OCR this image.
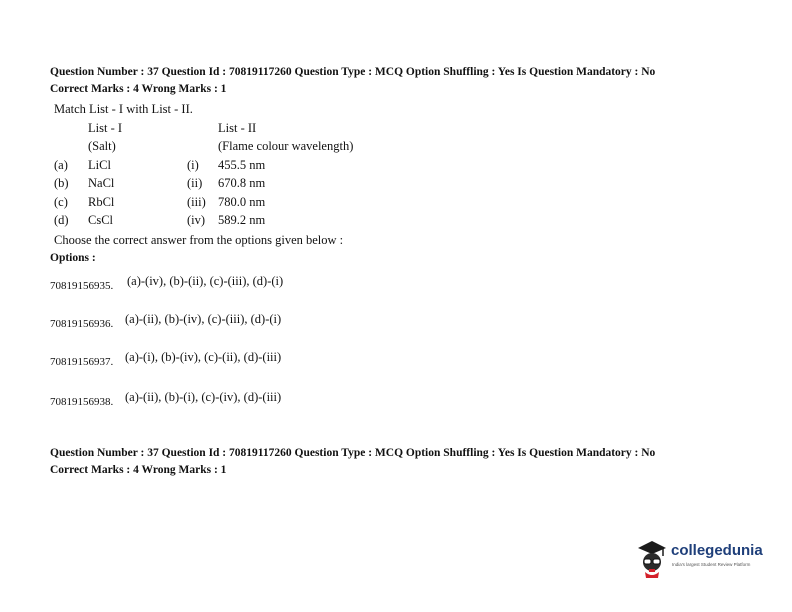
Question Number : 37 Question Id : 70819117260 Question Type : MCQ Option Shuffling : Yes Is Question Mandatory : No
Correct Marks : 4 Wrong Marks : 1
Match List - I with List - II.
List - I	List - II
(Salt)	(Flame colour wavelength)
(a) LiCl	(i) 455.5 nm
(b) NaCl	(ii) 670.8 nm
(c) RbCl	(iii) 780.0 nm
(d) CsCl	(iv) 589.2 nm
Choose the correct answer from the options given below :
Options :
70819156935. (a)-(iv), (b)-(ii), (c)-(iii), (d)-(i)
70819156936. (a)-(ii), (b)-(iv), (c)-(iii), (d)-(i)
70819156937. (a)-(i), (b)-(iv), (c)-(ii), (d)-(iii)
70819156938. (a)-(ii), (b)-(i), (c)-(iv), (d)-(iii)
Question Number : 37 Question Id : 70819117260 Question Type : MCQ Option Shuffling : Yes Is Question Mandatory : No
Correct Marks : 4 Wrong Marks : 1
collegedunia
India's largest Student Review Platform
